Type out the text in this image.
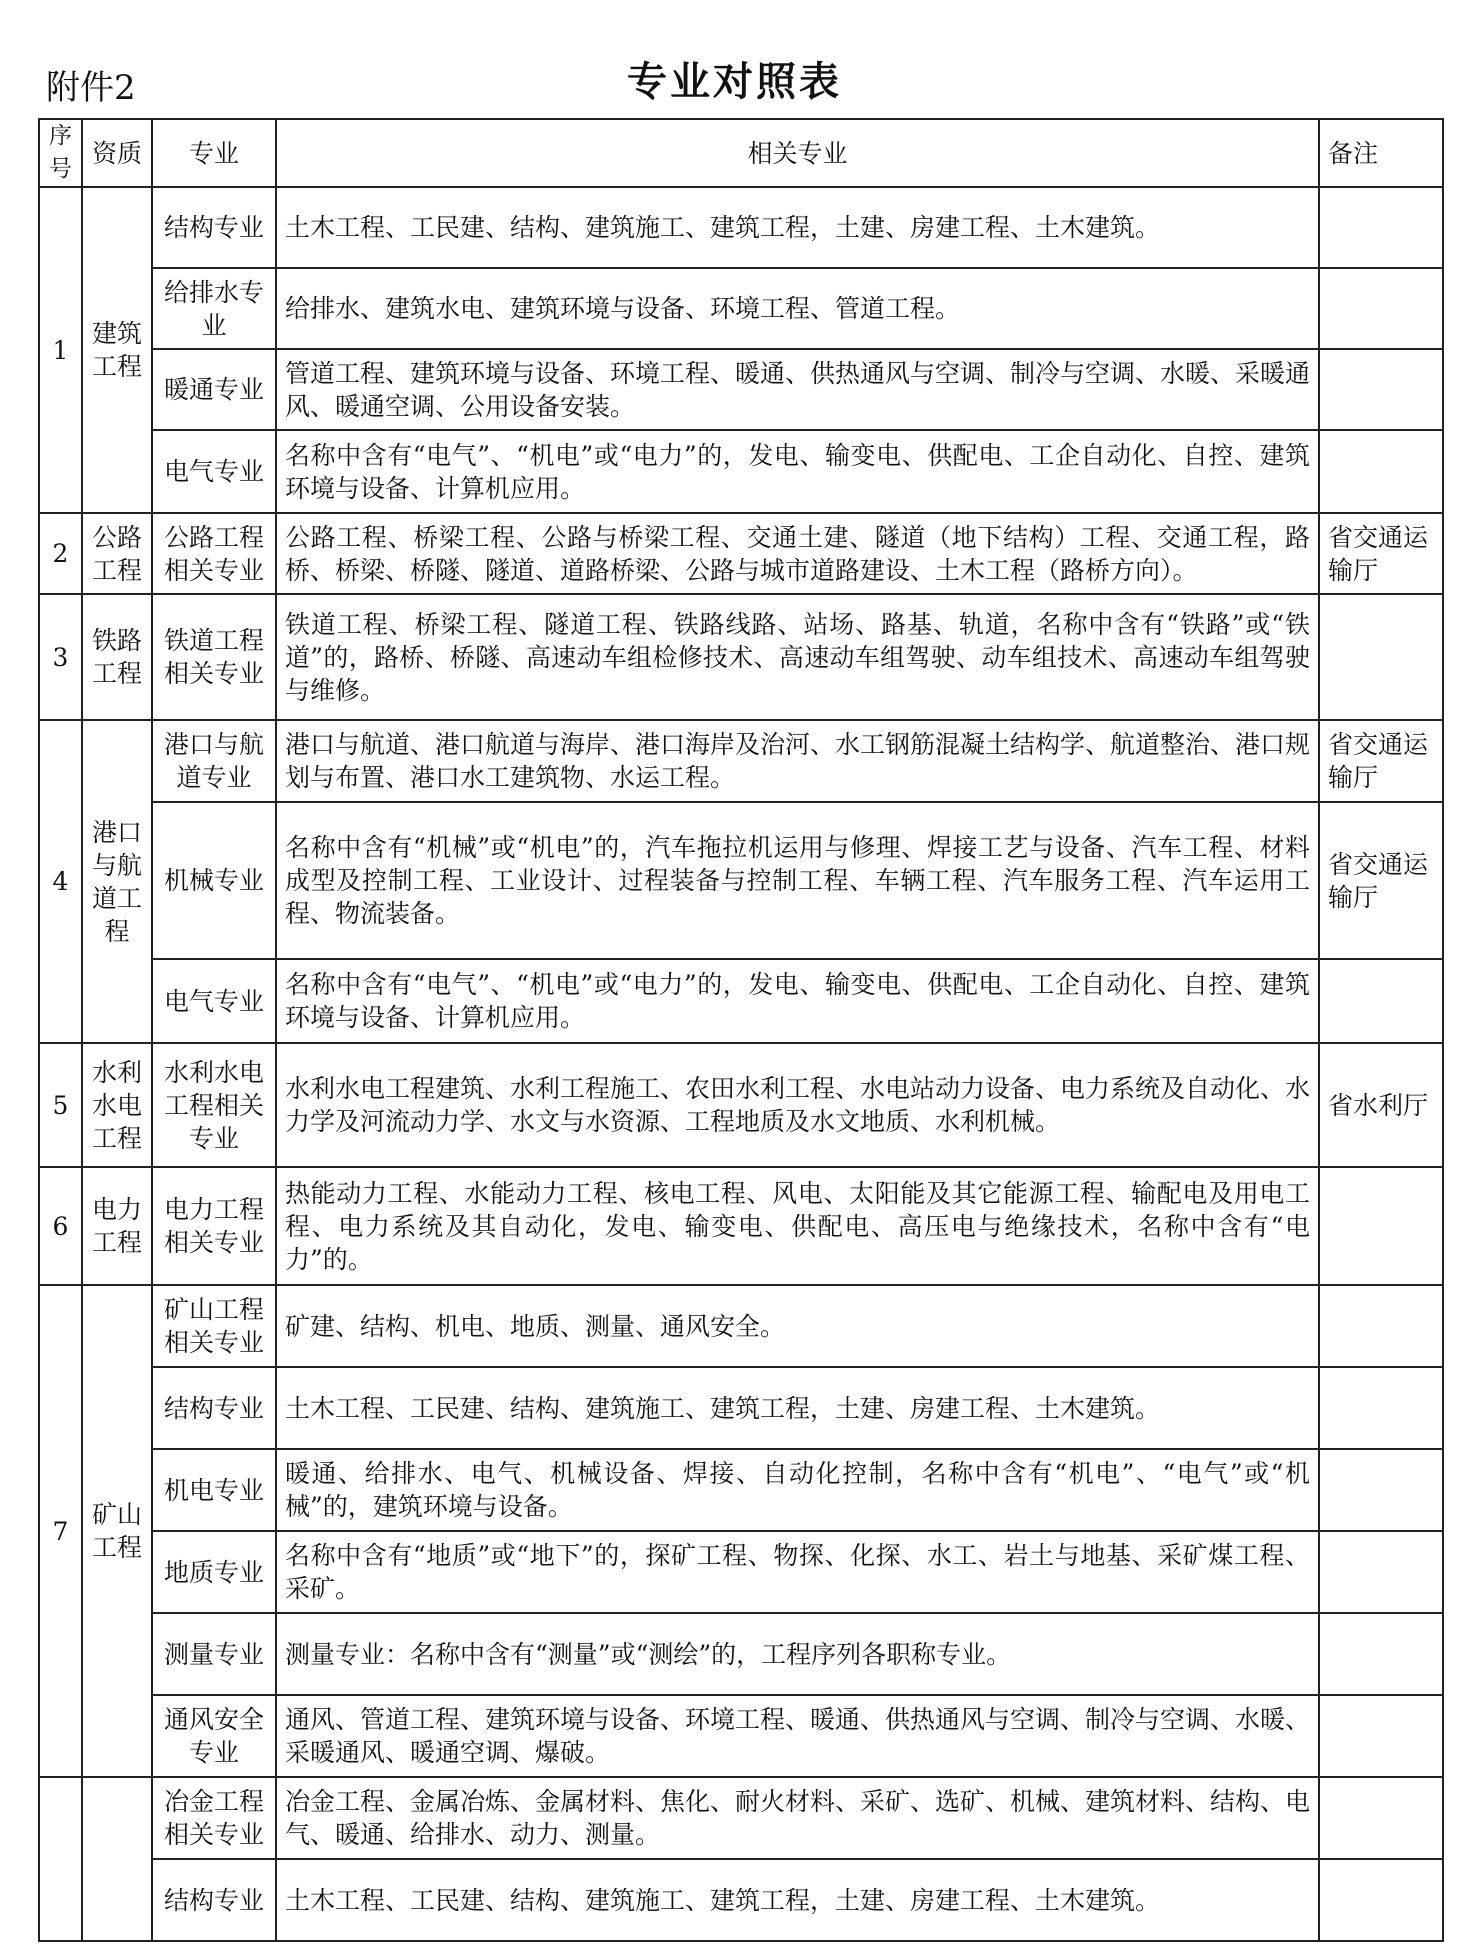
附件2	专业对照表
序号	资质	专业	相关专业	备注
1	建筑工程	结构专业	土木工程、工民建、结构、建筑施工、建筑工程，土建、房建工程、土木建筑。	
		给排水专业	给排水、建筑水电、建筑环境与设备、环境工程、管道工程。	
		暖通专业	管道工程、建筑环境与设备、环境工程、暖通、供热通风与空调、制冷与空调、水暖、采暖通风、暖通空调、公用设备安装。	
		电气专业	名称中含有“电气”、“机电”或“电力”的，发电、输变电、供配电、工企自动化、自控、建筑环境与设备、计算机应用。	
2	公路工程	公路工程相关专业	公路工程、桥梁工程、公路与桥梁工程、交通土建、隧道（地下结构）工程、交通工程，路桥、桥梁、桥隧、隧道、道路桥梁、公路与城市道路建设、土木工程（路桥方向）。	省交通运输厅
3	铁路工程	铁道工程相关专业	铁道工程、桥梁工程、隧道工程、铁路线路、站场、路基、轨道，名称中含有“铁路”或“铁道”的，路桥、桥隧、高速动车组检修技术、高速动车组驾驶、动车组技术、高速动车组驾驶与维修。	
4	港口与航道工程	港口与航道专业	港口与航道、港口航道与海岸、港口海岸及治河、水工钢筋混凝土结构学、航道整治、港口规划与布置、港口水工建筑物、水运工程。	省交通运输厅
		机械专业	名称中含有“机械”或“机电”的，汽车拖拉机运用与修理、焊接工艺与设备、汽车工程、材料成型及控制工程、工业设计、过程装备与控制工程、车辆工程、汽车服务工程、汽车运用工程、物流装备。	省交通运输厅
		电气专业	名称中含有“电气”、“机电”或“电力”的，发电、输变电、供配电、工企自动化、自控、建筑环境与设备、计算机应用。	
5	水利水电工程	水利水电工程相关专业	水利水电工程建筑、水利工程施工、农田水利工程、水电站动力设备、电力系统及自动化、水力学及河流动力学、水文与水资源、工程地质及水文地质、水利机械。	省水利厅
6	电力工程	电力工程相关专业	热能动力工程、水能动力工程、核电工程、风电、太阳能及其它能源工程、输配电及用电工程、电力系统及其自动化，发电、输变电、供配电、高压电与绝缘技术，名称中含有“电力”的。	
7	矿山工程	矿山工程相关专业	矿建、结构、机电、地质、测量、通风安全。	
		结构专业	土木工程、工民建、结构、建筑施工、建筑工程，土建、房建工程、土木建筑。	
		机电专业	暖通、给排水、电气、机械设备、焊接、自动化控制，名称中含有“机电”、“电气”或“机械”的，建筑环境与设备。	
		地质专业	名称中含有“地质”或“地下”的，探矿工程、物探、化探、水工、岩土与地基、采矿煤工程、采矿。	
		测量专业	测量专业：名称中含有“测量”或“测绘”的，工程序列各职称专业。	
		通风安全专业	通风、管道工程、建筑环境与设备、环境工程、暖通、供热通风与空调、制冷与空调、水暖、采暖通风、暖通空调、爆破。	
		冶金工程相关专业	冶金工程、金属冶炼、金属材料、焦化、耐火材料、采矿、选矿、机械、建筑材料、结构、电气、暖通、给排水、动力、测量。	
		结构专业	土木工程、工民建、结构、建筑施工、建筑工程，土建、房建工程、土木建筑。	
